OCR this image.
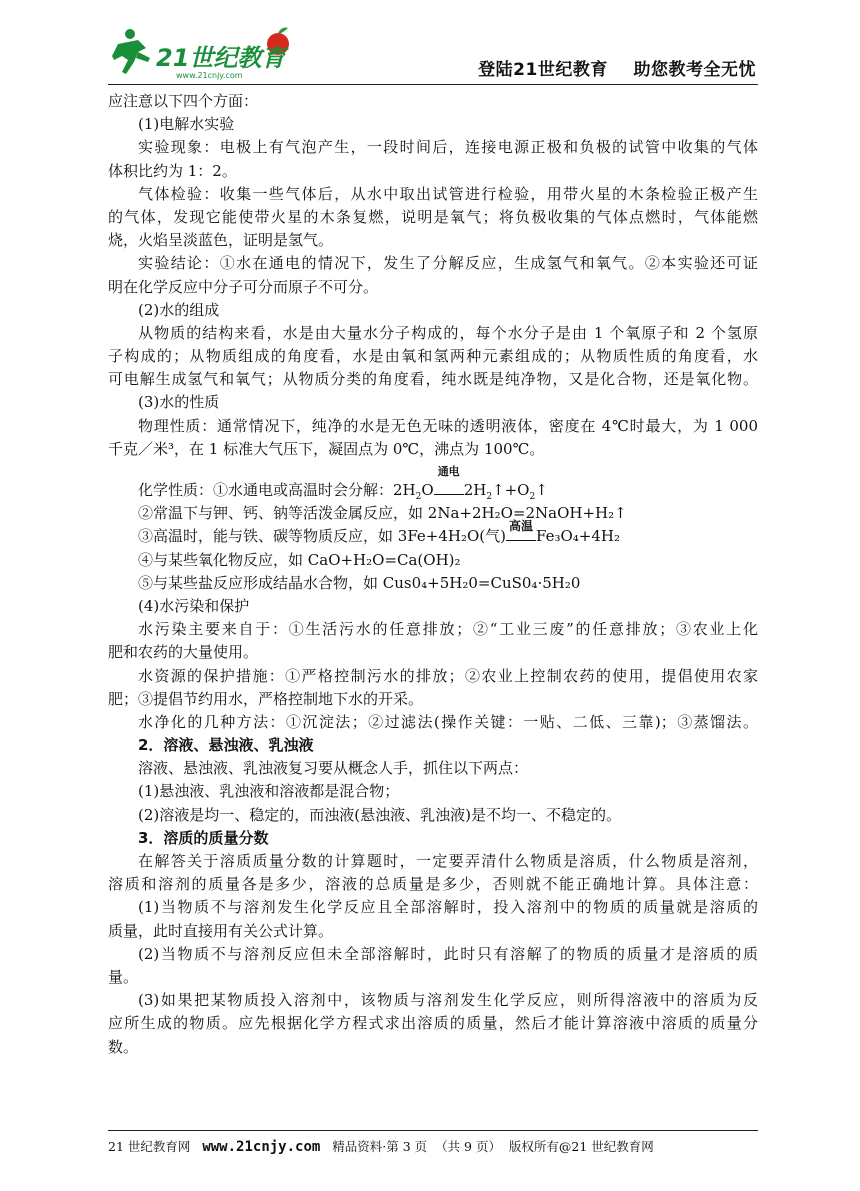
21世纪教育
www.21cnjy.com	登陆21世纪教育    助您教考全无忧
应注意以下四个方面：
(1)电解水实验
实验现象：电极上有气泡产生，一段时间后，连接电源正极和负极的试管中收集的气体
体积比约为 1：2。
气体检验：收集一些气体后，从水中取出试管进行检验，用带火星的木条检验正极产生
的气体，发现它能使带火星的木条复燃，说明是氧气；将负极收集的气体点燃时，气体能燃
烧，火焰呈淡蓝色，证明是氢气。
实验结论：①水在通电的情况下，发生了分解反应，生成氢气和氧气。②本实验还可证
明在化学反应中分子可分而原子不可分。
(2)水的组成
从物质的结构来看，水是由大量水分子构成的，每个水分子是由 1 个氧原子和 2 个氢原
子构成的；从物质组成的角度看，水是由氧和氢两种元素组成的；从物质性质的角度看，水
可电解生成氢气和氧气；从物质分类的角度看，纯水既是纯净物，又是化合物，还是氧化物。
(3)水的性质
物理性质：通常情况下，纯净的水是无色无味的透明液体，密度在 4℃时最大，为 1 000
千克／米³，在 1 标准大气压下，凝固点为 0℃，沸点为 100℃。
化学性质：①水通电或高温时会分解：$2H_2O$
通电
$2H_2↑+O_2↑$
②常温下与钾、钙、钠等活泼金属反应，如 2Na+2H₂O=2NaOH+H₂↑
③高温时，能与铁、碳等物质反应，如 3Fe+4H₂O(气)
高温
Fe₃O₄+4H₂
④与某些氧化物反应，如 CaO+H₂O=Ca(OH)₂
⑤与某些盐反应形成结晶水合物，如 Cus0₄+5H₂0=CuS0₄·5H₂0
(4)水污染和保护
水污染主要来自于：①生活污水的任意排放；②“工业三废”的任意排放；③农业上化
肥和农药的大量使用。
水资源的保护措施：①严格控制污水的排放；②农业上控制农药的使用，提倡使用农家
肥；③提倡节约用水，严格控制地下水的开采。
水净化的几种方法：①沉淀法；②过滤法(操作关键：一贴、二低、三靠)；③蒸馏法。
2．溶液、悬浊液、乳浊液
溶液、悬浊液、乳浊液复习要从概念人手，抓住以下两点：
(1)悬浊液、乳浊液和溶液都是混合物；
(2)溶液是均一、稳定的，而浊液(悬浊液、乳浊液)是不均一、不稳定的。
3．溶质的质量分数
在解答关于溶质质量分数的计算题时，一定要弄清什么物质是溶质，什么物质是溶剂，
溶质和溶剂的质量各是多少，溶液的总质量是多少，否则就不能正确地计算。具体注意：
(1)当物质不与溶剂发生化学反应且全部溶解时，投入溶剂中的物质的质量就是溶质的
质量，此时直接用有关公式计算。
(2)当物质不与溶剂反应但未全部溶解时，此时只有溶解了的物质的质量才是溶质的质
量。
(3)如果把某物质投入溶剂中，该物质与溶剂发生化学反应，则所得溶液中的溶质为反
应所生成的物质。应先根据化学方程式求出溶质的质量，然后才能计算溶液中溶质的质量分
数。
21 世纪教育网   www.21cnjy.com   精品资料·第 3 页  （共 9 页）  版权所有@21 世纪教育网
